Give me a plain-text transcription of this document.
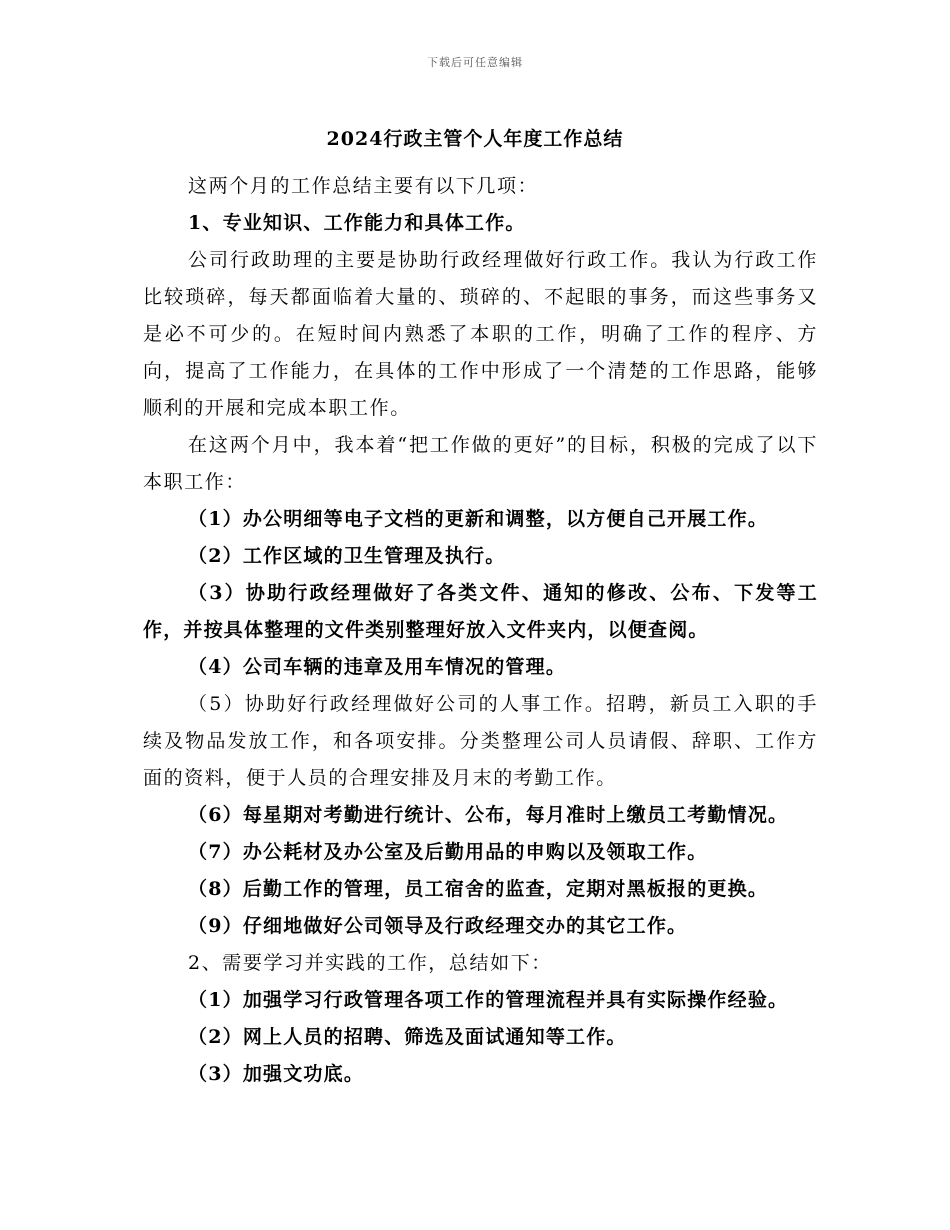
下载后可任意编辑
2024行政主管个人年度工作总结

这两个月的工作总结主要有以下几项：

1、专业知识、工作能力和具体工作。

公司行政助理的主要是协助行政经理做好行政工作。我认为行政工作比较琐碎，每天都面临着大量的、琐碎的、不起眼的事务，而这些事务又是必不可少的。在短时间内熟悉了本职的工作，明确了工作的程序、方向，提高了工作能力，在具体的工作中形成了一个清楚的工作思路，能够顺利的开展和完成本职工作。

在这两个月中，我本着“把工作做的更好”的目标，积极的完成了以下本职工作：

（1）办公明细等电子文档的更新和调整，以方便自己开展工作。

（2）工作区域的卫生管理及执行。

（3）协助行政经理做好了各类文件、通知的修改、公布、下发等工作，并按具体整理的文件类别整理好放入文件夹内，以便查阅。

（4）公司车辆的违章及用车情况的管理。

（5）协助好行政经理做好公司的人事工作。招聘，新员工入职的手续及物品发放工作，和各项安排。分类整理公司人员请假、辞职、工作方面的资料，便于人员的合理安排及月末的考勤工作。

（6）每星期对考勤进行统计、公布，每月准时上缴员工考勤情况。

（7）办公耗材及办公室及后勤用品的申购以及领取工作。

（8）后勤工作的管理，员工宿舍的监查，定期对黑板报的更换。

（9）仔细地做好公司领导及行政经理交办的其它工作。

2、需要学习并实践的工作，总结如下：

（1）加强学习行政管理各项工作的管理流程并具有实际操作经验。

（2）网上人员的招聘、筛选及面试通知等工作。

（3）加强文功底。
